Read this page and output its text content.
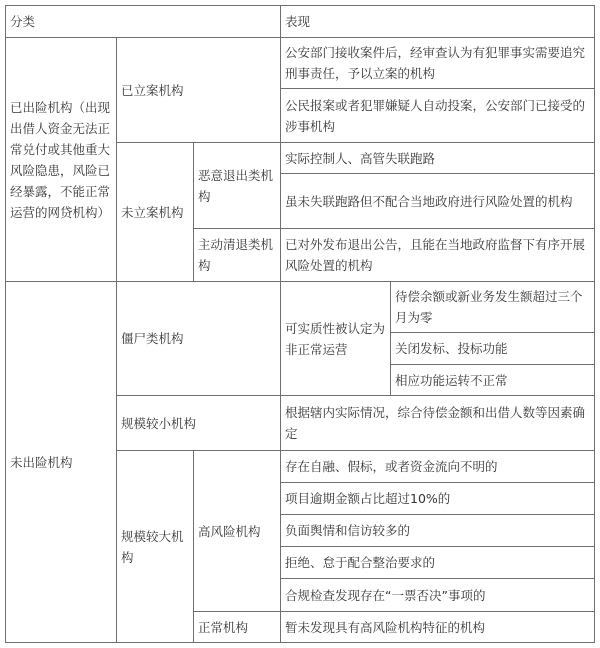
分类	表现
已出险机构（出现出借人资金无法正常兑付或其他重大风险隐患，风险已经暴露，不能正常运营的网贷机构）
已立案机构
公安部门接收案件后，经审查认为有犯罪事实需要追究刑事责任，予以立案的机构
公民报案或者犯罪嫌疑人自动投案，公安部门已接受的涉事机构
未立案机构
恶意退出类机构
实际控制人、高管失联跑路
虽未失联跑路但不配合当地政府进行风险处置的机构
主动清退类机构
已对外发布退出公告，且能在当地政府监督下有序开展风险处置的机构
未出险机构
僵尸类机构
可实质性被认定为非正常运营
待偿余额或新业务发生额超过三个月为零
关闭发标、投标功能
相应功能运转不正常
规模较小机构
根据辖内实际情况，综合待偿金额和出借人数等因素确定
规模较大机构
高风险机构
存在自融、假标，或者资金流向不明的
项目逾期金额占比超过10%的
负面舆情和信访较多的
拒绝、怠于配合整治要求的
合规检查发现存在“一票否决”事项的
正常机构	暂未发现具有高风险机构特征的机构
